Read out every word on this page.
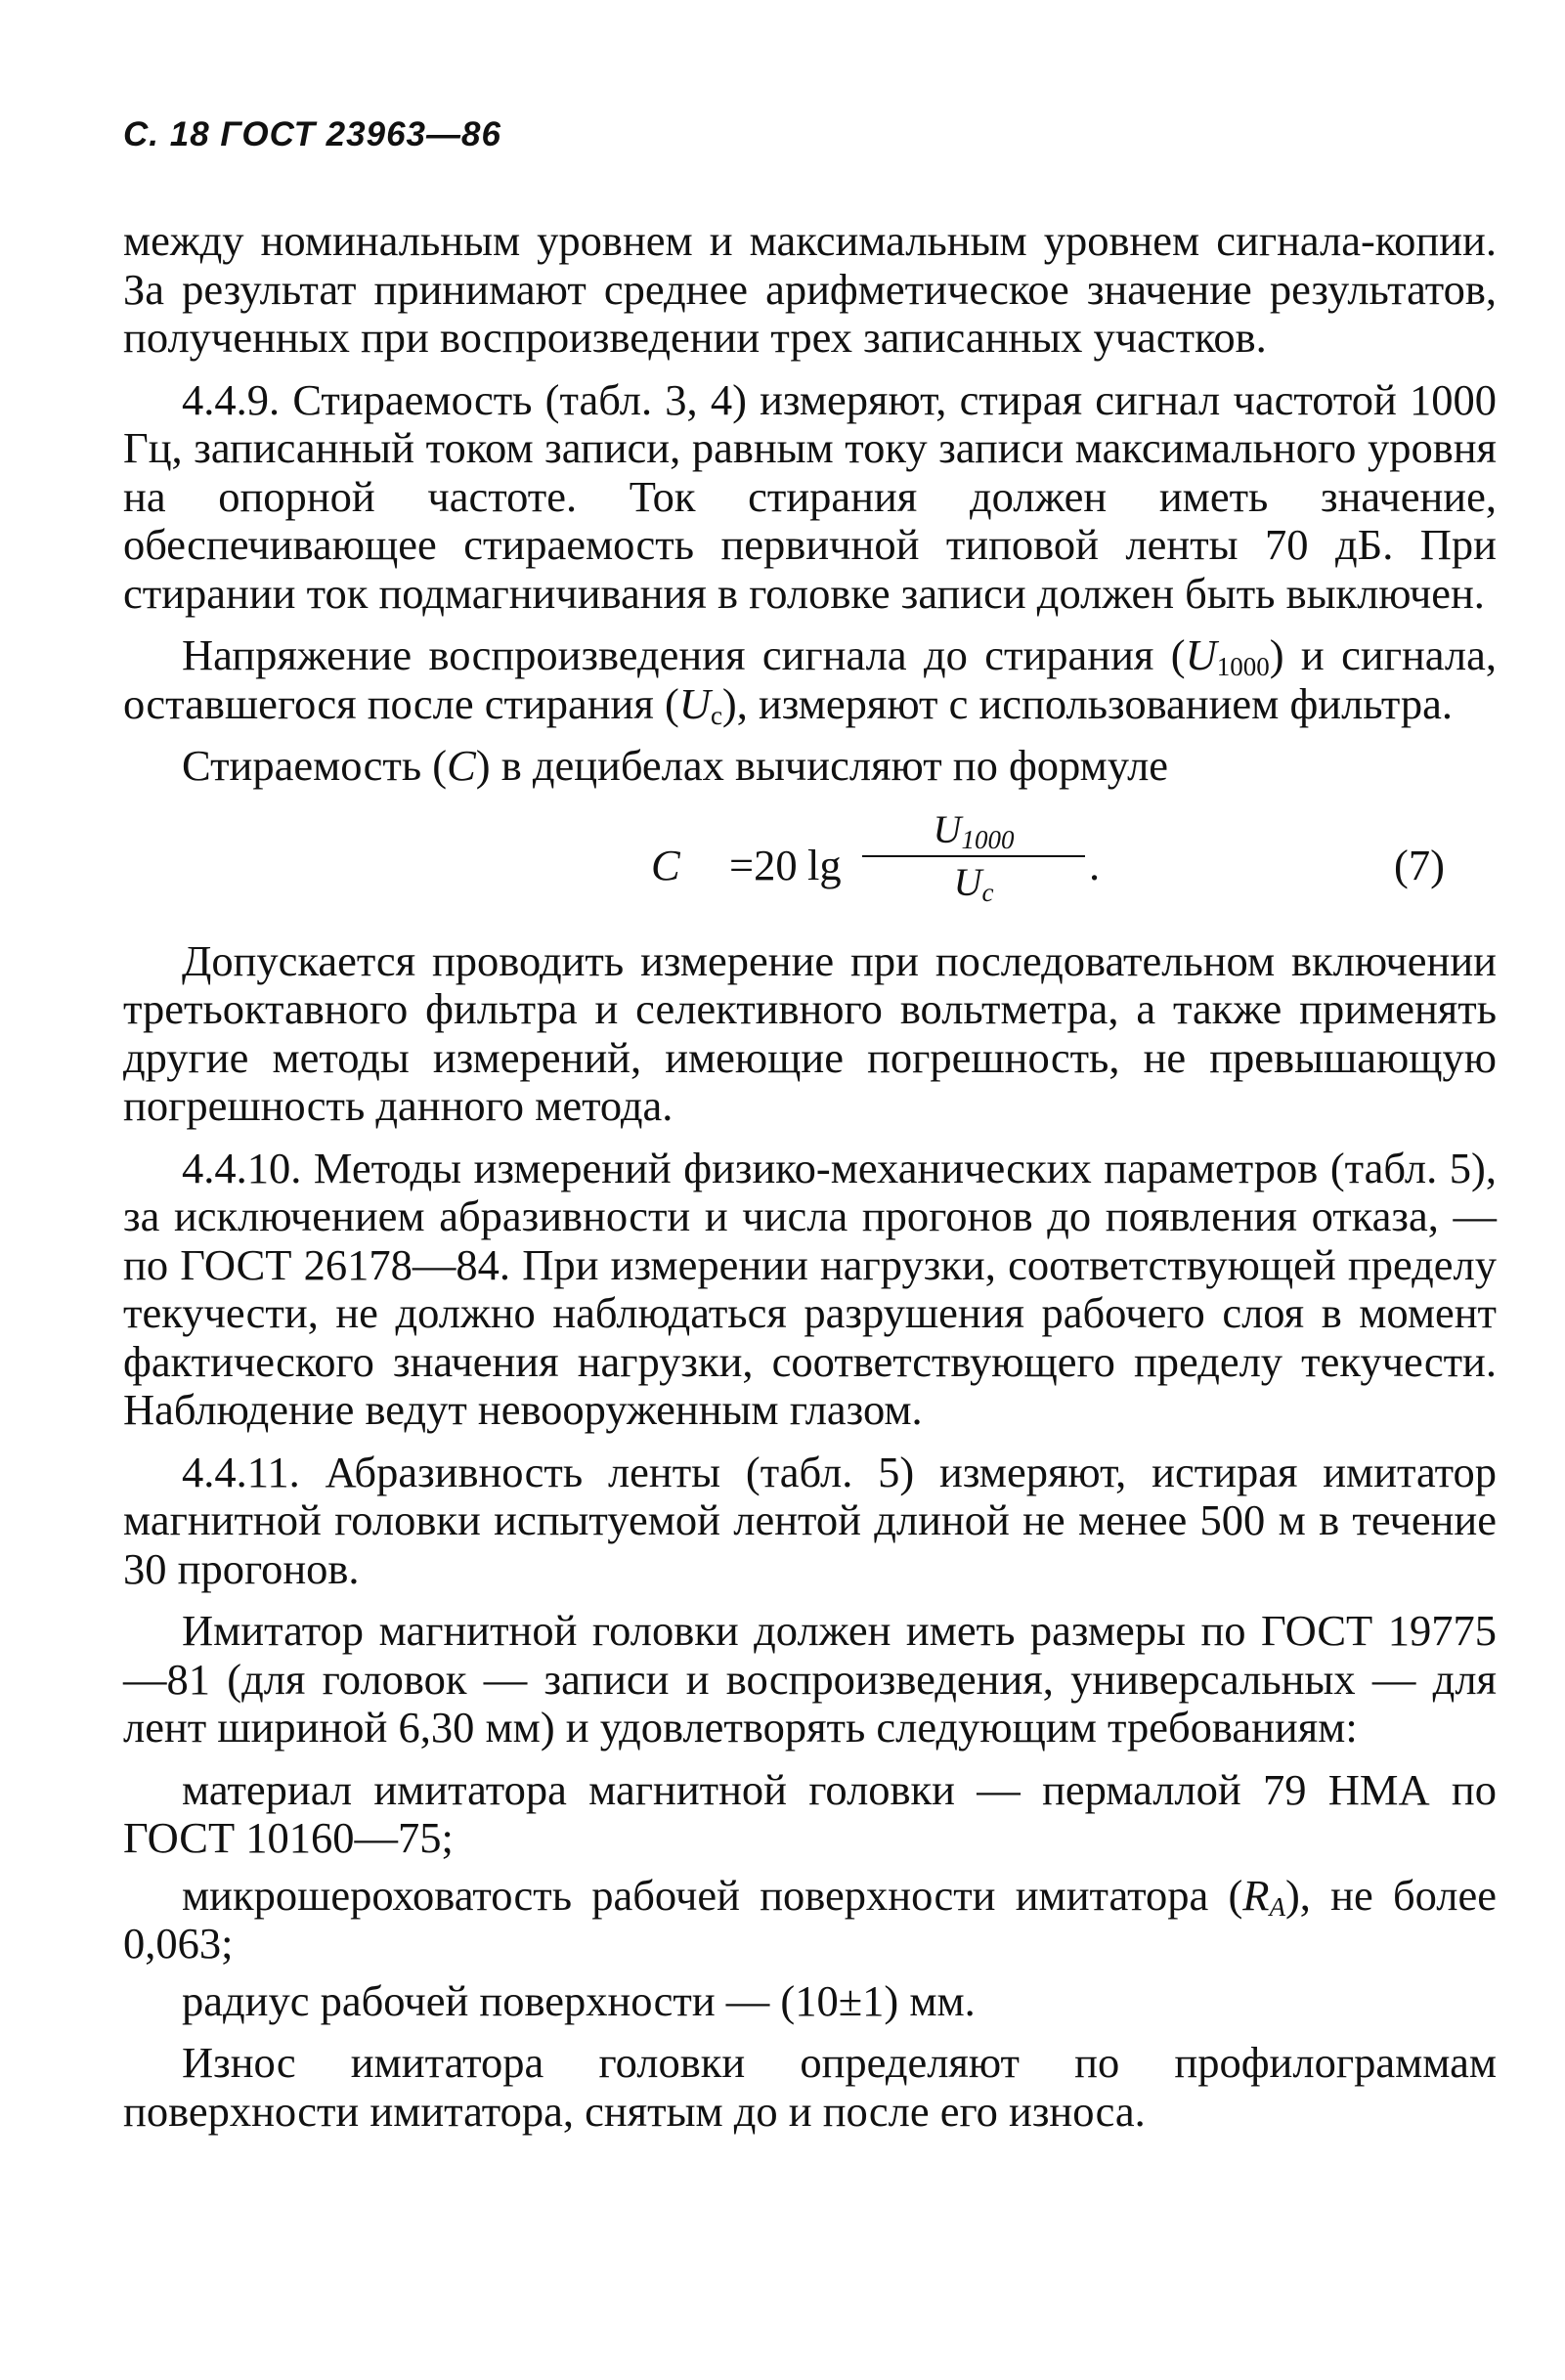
С. 18 ГОСТ 23963—86

между номинальным уровнем и максимальным уровнем сигнала-копии. За результат принимают среднее арифметическое значение результатов, полученных при воспроизведении трех записанных участков.

4.4.9. Стираемость (табл. 3, 4) измеряют, стирая сигнал частотой 1000 Гц, записанный током записи, равным току записи максимального уровня на опорной частоте. Ток стирания должен иметь значение, обеспечивающее стираемость первичной типовой ленты 70 дБ. При стирании ток подмагничивания в головке записи должен быть выключен.

Напряжение воспроизведения сигнала до стирания $(U_{1000})$ и сигнала, оставшегося после стирания $(U_с)$, измеряют с использованием фильтра.

Стираемость (С) в децибелах вычисляют по формуле

С =20 lg
$U_{1000}$
$U_с$
.	(7)

Допускается проводить измерение при последовательном включении третьоктавного фильтра и селективного вольтметра, а также применять другие методы измерений, имеющие погрешность, не превышающую погрешность данного метода.

4.4.10. Методы измерений физико-механических параметров (табл. 5), за исключением абразивности и числа прогонов до появления отказа, — по ГОСТ 26178—84. При измерении нагрузки, соответствующей пределу текучести, не должно наблюдаться разрушения рабочего слоя в момент фактического значения нагрузки, соответствующего пределу текучести. Наблюдение ведут невооруженным глазом.

4.4.11. Абразивность ленты (табл. 5) измеряют, истирая имитатор магнитной головки испытуемой лентой длиной не менее 500 м в течение 30 прогонов.

Имитатор магнитной головки должен иметь размеры по ГОСТ 19775—81 (для головок — записи и воспроизведения, универсальных — для лент шириной 6,30 мм) и удовлетворять следующим требованиям:

материал имитатора магнитной головки — пермаллой 79 НМА по ГОСТ 10160—75;

микрошероховатость рабочей поверхности имитатора $(R_A)$, не более 0,063;

радиус рабочей поверхности — (10±1) мм.

Износ имитатора головки определяют по профилограммам поверхности имитатора, снятым до и после его износа.
